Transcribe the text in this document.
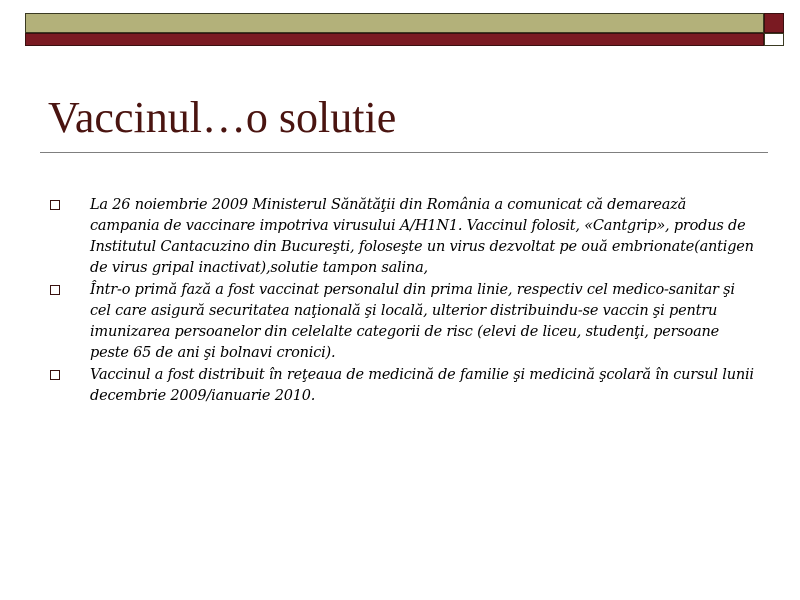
Vaccinul…o solutie
La 26 noiembrie 2009 Ministerul Sănătăţii din România a comunicat că demarează campania de vaccinare impotriva virusului A/H1N1. Vaccinul folosit, «Cantgrip», produs de Institutul Cantacuzino din Bucureşti, foloseşte un virus dezvoltat pe ouă embrionate(antigen de virus gripal inactivat),solutie tampon salina,
Într-o primă fază a fost vaccinat personalul din prima linie, respectiv cel medico-sanitar şi cel care asigură securitatea naţională şi locală, ulterior distribuindu-se vaccin şi pentru imunizarea persoanelor din celelalte categorii de risc (elevi de liceu, studenţi, persoane peste 65 de ani şi bolnavi cronici).
Vaccinul a fost distribuit în reţeaua de medicină de familie şi medicină şcolară în cursul lunii decembrie 2009/ianuarie 2010.
